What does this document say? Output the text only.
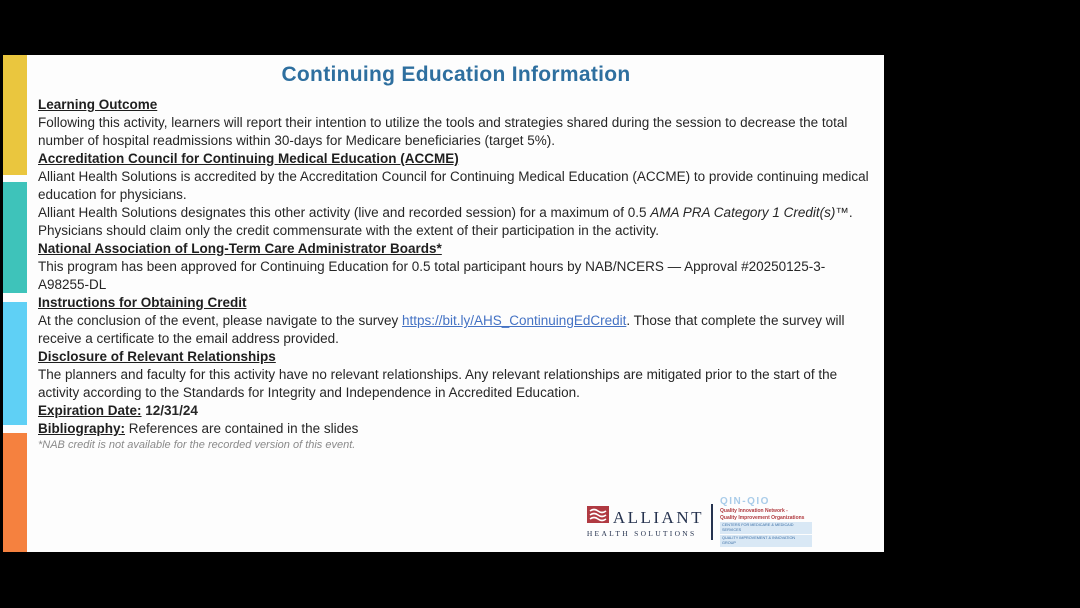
Continuing Education Information
Learning Outcome

Following this activity, learners will report their intention to utilize the tools and strategies shared during the session to decrease the total number of hospital readmissions within 30-days for Medicare beneficiaries (target 5%).

Accreditation Council for Continuing Medical Education (ACCME)

Alliant Health Solutions is accredited by the Accreditation Council for Continuing Medical Education (ACCME) to provide continuing medical education for physicians.

Alliant Health Solutions designates this other activity (live and recorded session) for a maximum of 0.5 AMA PRA Category 1 Credit(s)™. Physicians should claim only the credit commensurate with the extent of their participation in the activity.

National Association of Long-Term Care Administrator Boards*

This program has been approved for Continuing Education for 0.5 total participant hours by NAB/NCERS — Approval #20250125-3-A98255-DL

Instructions for Obtaining Credit

At the conclusion of the event, please navigate to the survey https://bit.ly/AHS_ContinuingEdCredit. Those that complete the survey will receive a certificate to the email address provided.

Disclosure of Relevant Relationships

The planners and faculty for this activity have no relevant relationships. Any relevant relationships are mitigated prior to the start of the activity according to the Standards for Integrity and Independence in Accredited Education.

Expiration Date: 12/31/24

Bibliography: References are contained in the slides

*NAB credit is not available for the recorded version of this event.

ALLIANT
HEALTH SOLUTIONS
QIN-QIO
Quality Innovation Network -
Quality Improvement Organizations
CENTERS FOR MEDICARE & MEDICAID SERVICES
QUALITY IMPROVEMENT & INNOVATION GROUP
